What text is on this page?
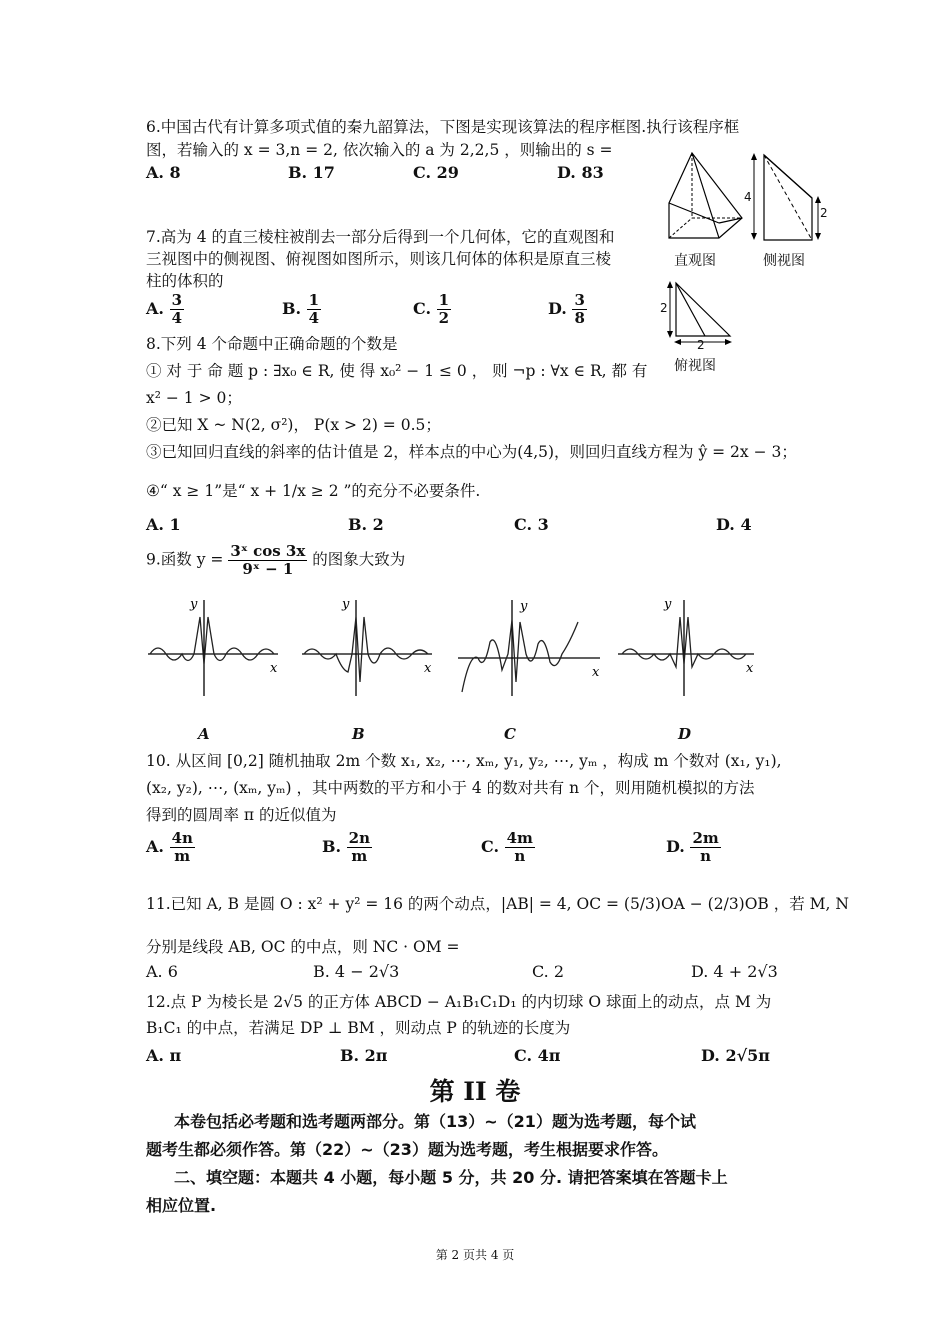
6.中国古代有计算多项式值的秦九韶算法，下图是实现该算法的程序框图.执行该程序框
图，若输入的 x = 3,n = 2, 依次输入的 a 为 2,2,5 ，则输出的 s =
A. 8	B. 17	C. 29	D. 83
直观图
4
2
侧视图
2
2
俯视图
7.高为 4 的直三棱柱被削去一部分后得到一个几何体，它的直观图和
三视图中的侧视图、俯视图如图所示，则该几何体的体积是原直三棱
柱的体积的
A. $\frac{3}{4}$	B. $\frac{1}{4}$	C. $\frac{1}{2}$	D. $\frac{3}{8}$
8.下列 4 个命题中正确命题的个数是
① 对 于 命 题 p : ∃x₀ ∈ R, 使 得 x₀² − 1 ≤ 0 ， 则 ¬p : ∀x ∈ R, 都 有
x² − 1 > 0；
②已知 X ~ N(2, σ²)， P(x > 2) = 0.5；
③已知回归直线的斜率的估计值是 2，样本点的中心为(4,5)，则回归直线方程为 ŷ = 2x − 3；
④“ x ≥ 1”是“ x + 1/x ≥ 2 ”的充分不必要条件.
A. 1	B. 2	C. 3	D. 4
9.函数 $y = \frac{\text{3ˣ cos 3x}}{\text{9ˣ − 1}}$ 的图象大致为
y
x
y
x
y
x
y
x
A	B	C	D
10. 从区间 [0,2] 随机抽取 2m 个数 x₁, x₂, ⋯, xₘ, y₁, y₂, ⋯, yₘ ，构成 m 个数对 (x₁, y₁),
(x₂, y₂), ⋯, (xₘ, yₘ) ，其中两数的平方和小于 4 的数对共有 n 个，则用随机模拟的方法
得到的圆周率 π 的近似值为
A. $\frac{4n}{m}$	B. $\frac{2n}{m}$	C. $\frac{4m}{n}$	D. $\frac{2m}{n}$
11.已知 A, B 是圆 O : x² + y² = 16 的两个动点，|AB| = 4, OC = (5/3)OA − (2/3)OB ，若 M, N
分别是线段 AB, OC 的中点，则 NC · OM =
A. 6	B. 4 − 2√3	C. 2	D. 4 + 2√3
12.点 P 为棱长是 2√5 的正方体 ABCD − A₁B₁C₁D₁ 的内切球 O 球面上的动点，点 M 为
B₁C₁ 的中点，若满足 DP ⊥ BM ，则动点 P 的轨迹的长度为
A. π	B. 2π	C. 4π	D. 2√5π
第 II 卷
本卷包括必考题和选考题两部分。第（13）~（21）题为选考题，每个试
题考生都必须作答。第（22）~（23）题为选考题，考生根据要求作答。
二、填空题：本题共 4 小题，每小题 5 分，共 20 分. 请把答案填在答题卡上
相应位置.
第 2 页共 4 页
